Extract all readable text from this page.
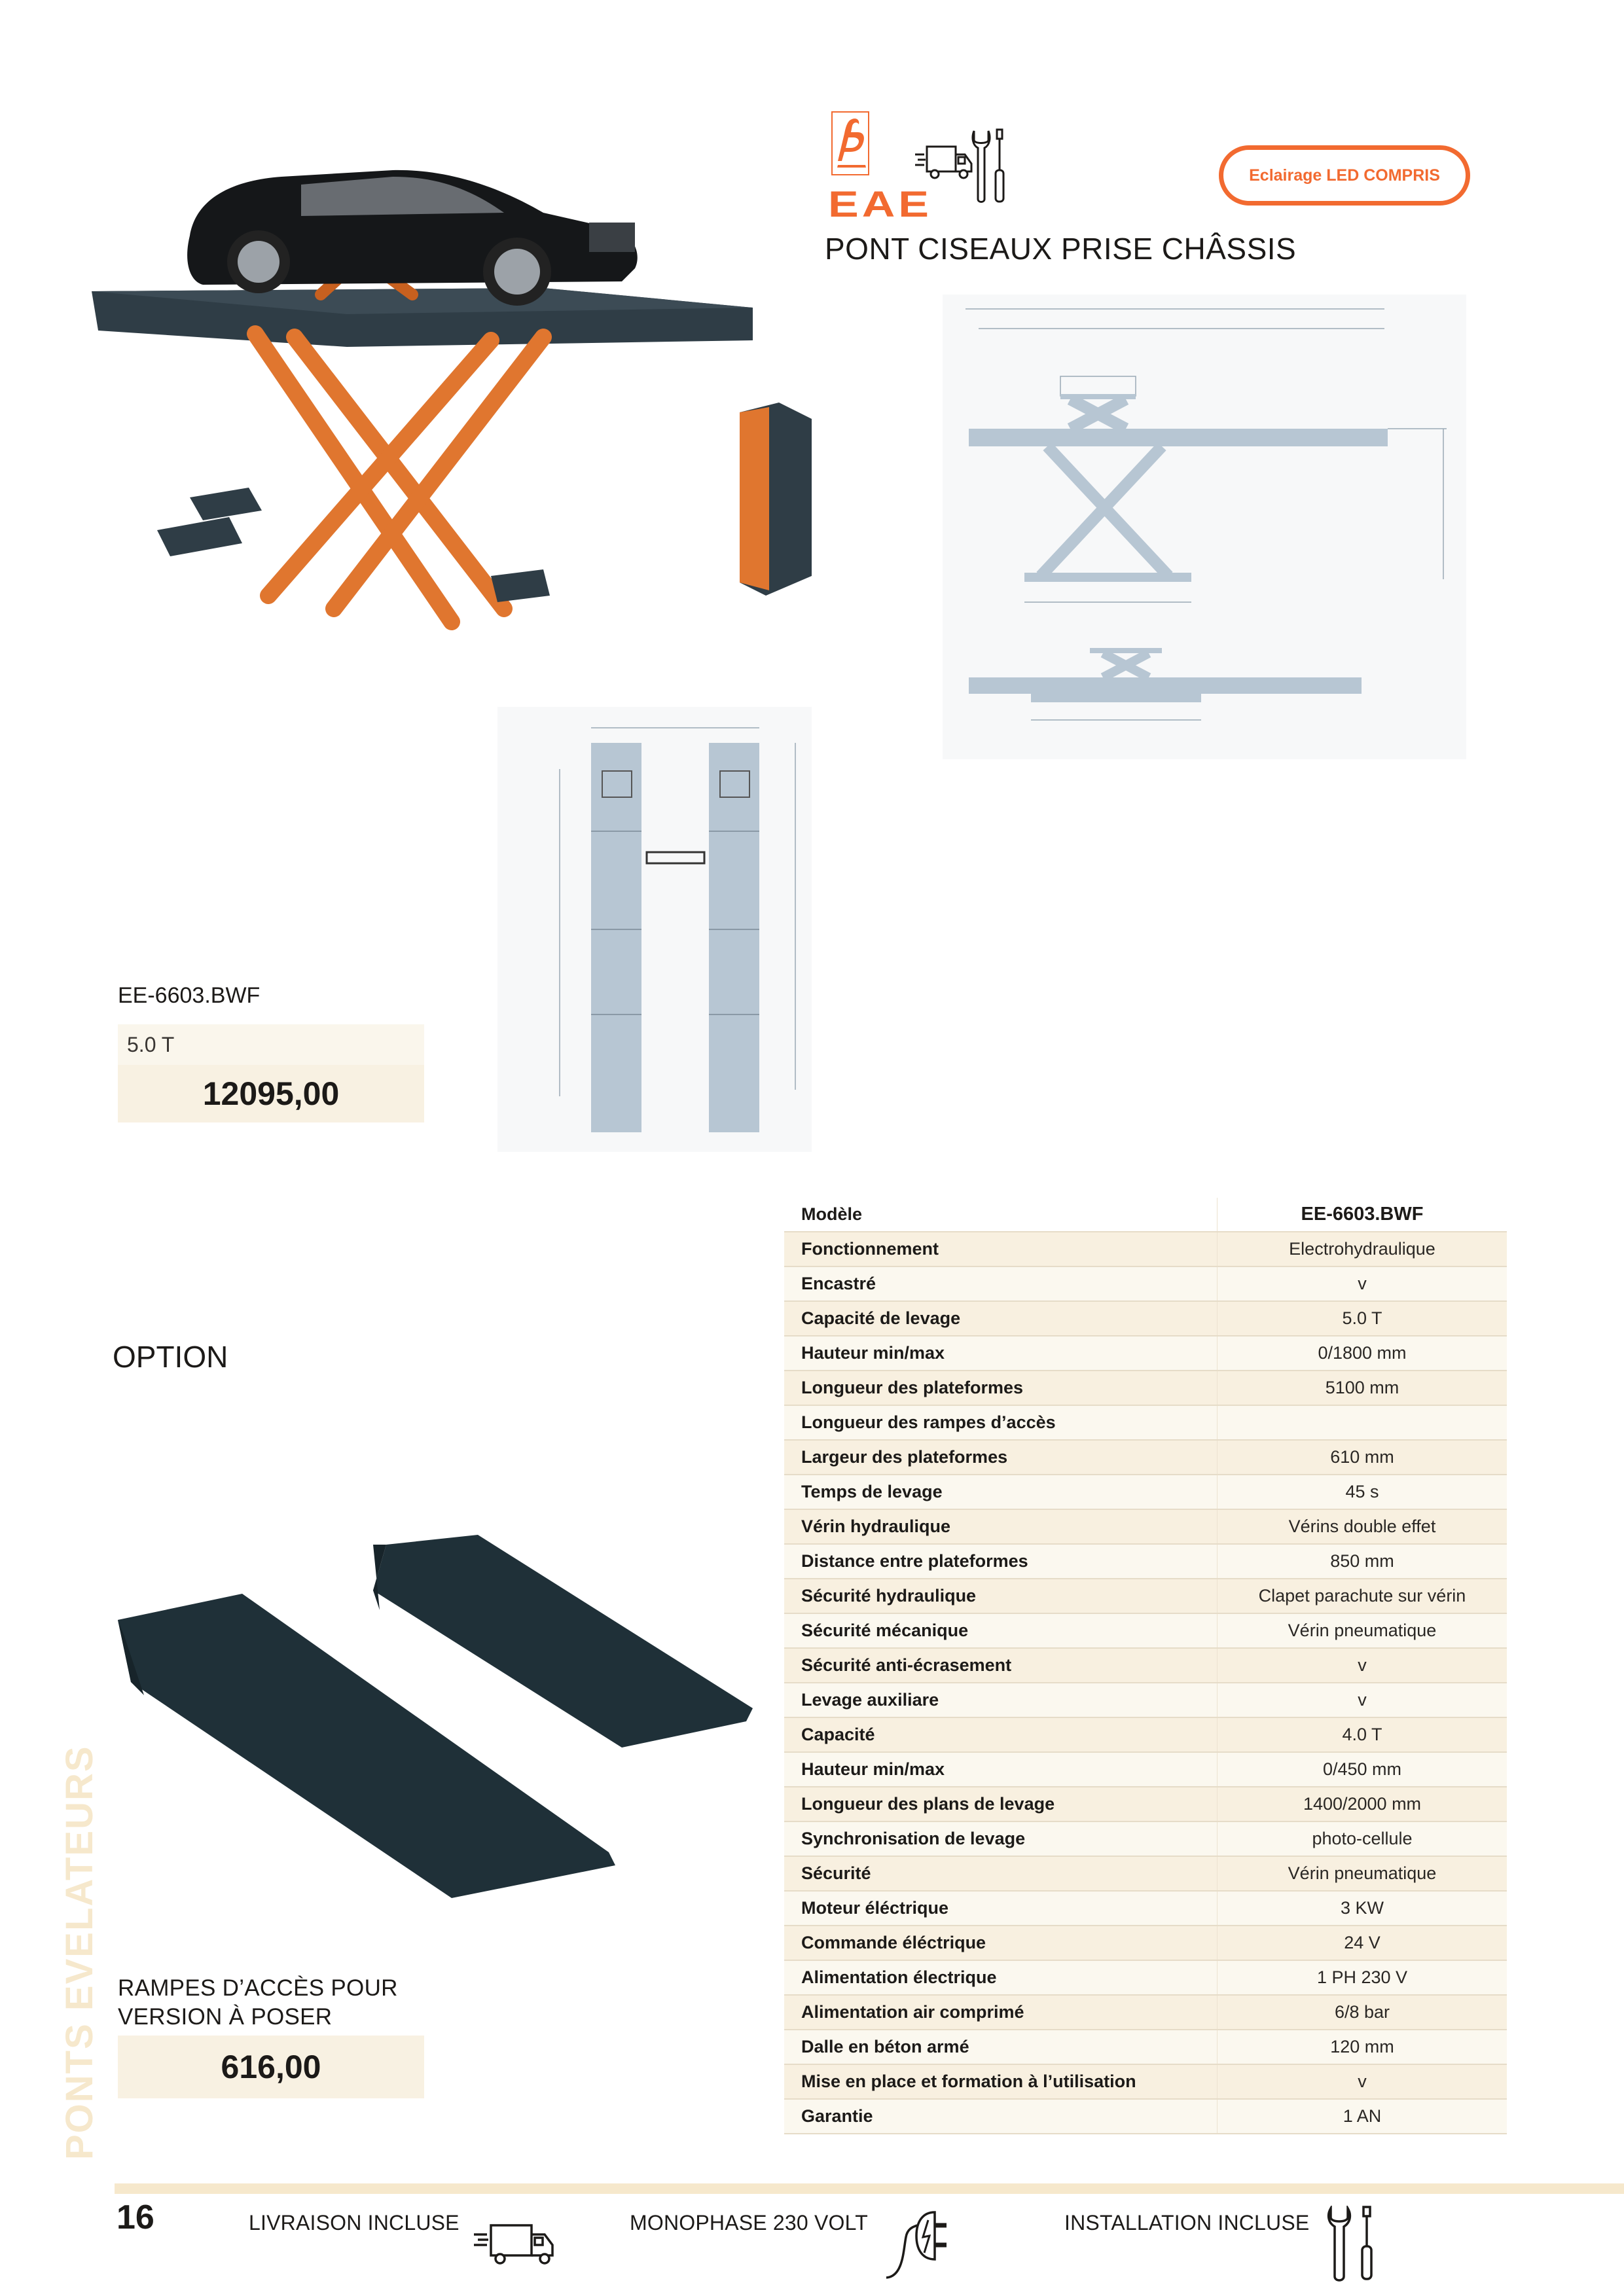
EAE
Eclairage LED COMPRIS
PONT CISEAUX PRISE CHÂSSIS
EE-6603.BWF
5.0 T
12095,00
OPTION
RAMPES D’ACCÈS POUR
VERSION À POSER
616,00
PONTS EVELATEURS
Modèle	EE-6603.BWF
Fonctionnement	Electrohydraulique
Encastré	v
Capacité de levage	5.0 T
Hauteur min/max	0/1800 mm
Longueur des plateformes	5100 mm
Longueur des rampes d’accès
Largeur des plateformes	610 mm
Temps de levage	45 s
Vérin hydraulique	Vérins double effet
Distance entre plateformes	850 mm
Sécurité hydraulique	Clapet parachute sur vérin
Sécurité mécanique	Vérin pneumatique
Sécurité anti-écrasement	v
Levage auxiliare	v
Capacité	4.0 T
Hauteur min/max	0/450 mm
Longueur des plans de levage	1400/2000 mm
Synchronisation de levage	photo-cellule
Sécurité	Vérin pneumatique
Moteur éléctrique	3 KW
Commande éléctrique	24 V
Alimentation électrique	1 PH 230 V
Alimentation air comprimé	6/8 bar
Dalle en béton armé	120 mm
Mise en place et formation à l’utilisation	v
Garantie	1 AN
16	LIVRAISON INCLUSE	MONOPHASE 230 VOLT	INSTALLATION INCLUSE
